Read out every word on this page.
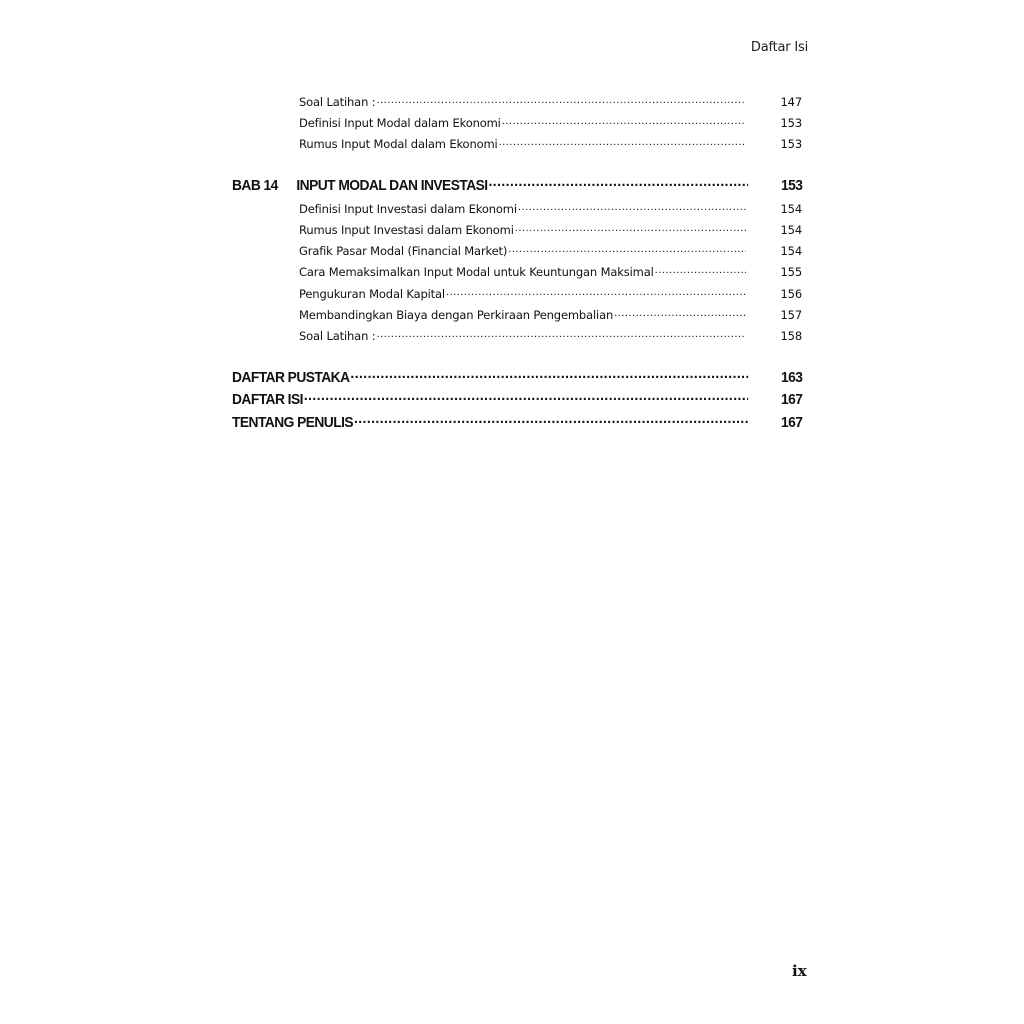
Daftar Isi
Soal Latihan : .....	147
Definisi Input Modal dalam Ekonomi .....	153
Rumus Input Modal dalam Ekonomi .....	153
BAB 14	INPUT MODAL DAN INVESTASI .....	153
Definisi Input Investasi dalam Ekonomi .....	154
Rumus Input Investasi dalam Ekonomi .....	154
Grafik Pasar Modal (Financial Market) .....	154
Cara Memaksimalkan Input Modal untuk Keuntungan Maksimal .....	155
Pengukuran Modal Kapital .....	156
Membandingkan Biaya dengan Perkiraan Pengembalian .....	157
Soal Latihan : .....	158
DAFTAR PUSTAKA .....	163
DAFTAR ISI .....	167
TENTANG PENULIS .....	167
ix
